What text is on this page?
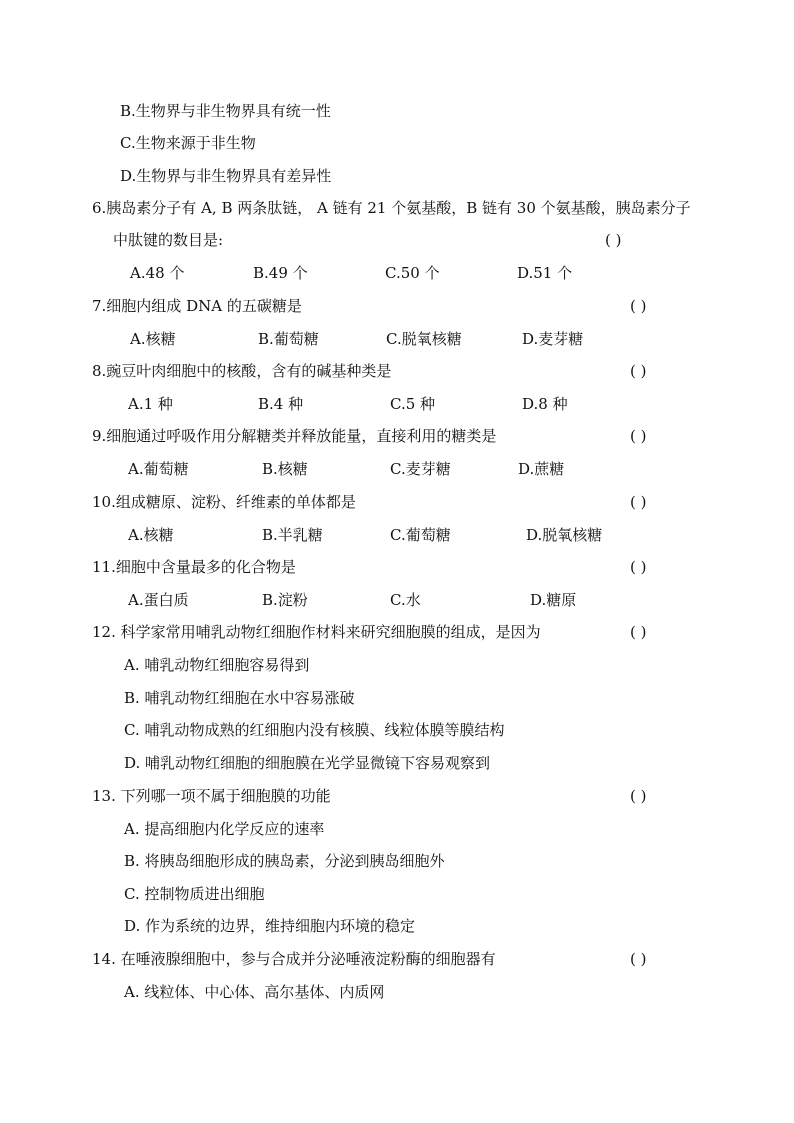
B.生物界与非生物界具有统一性
C.生物来源于非生物
D.生物界与非生物界具有差异性
6.胰岛素分子有 A, B 两条肽链， A 链有 21 个氨基酸，B 链有 30 个氨基酸，胰岛素分子
中肽键的数目是:	( )
A.48 个	B.49 个	C.50 个	D.51 个
7.细胞内组成 DNA 的五碳糖是	( )
A.核糖	B.葡萄糖	C.脱氧核糖	D.麦芽糖
8.豌豆叶肉细胞中的核酸，含有的碱基种类是	( )
A.1 种	B.4 种	C.5 种	D.8 种
9.细胞通过呼吸作用分解糖类并释放能量，直接利用的糖类是	( )
A.葡萄糖	B.核糖	C.麦芽糖	D.蔗糖
10.组成糖原、淀粉、纤维素的单体都是	( )
A.核糖	B.半乳糖	C.葡萄糖	D.脱氧核糖
11.细胞中含量最多的化合物是	( )
A.蛋白质	B.淀粉	C.水	D.糖原
12. 科学家常用哺乳动物红细胞作材料来研究细胞膜的组成，是因为	( )
A. 哺乳动物红细胞容易得到
B. 哺乳动物红细胞在水中容易涨破
C. 哺乳动物成熟的红细胞内没有核膜、线粒体膜等膜结构
D. 哺乳动物红细胞的细胞膜在光学显微镜下容易观察到
13. 下列哪一项不属于细胞膜的功能	( )
A. 提高细胞内化学反应的速率
B. 将胰岛细胞形成的胰岛素，分泌到胰岛细胞外
C. 控制物质进出细胞
D. 作为系统的边界，维持细胞内环境的稳定
14. 在唾液腺细胞中，参与合成并分泌唾液淀粉酶的细胞器有	( )
A. 线粒体、中心体、高尔基体、内质网
